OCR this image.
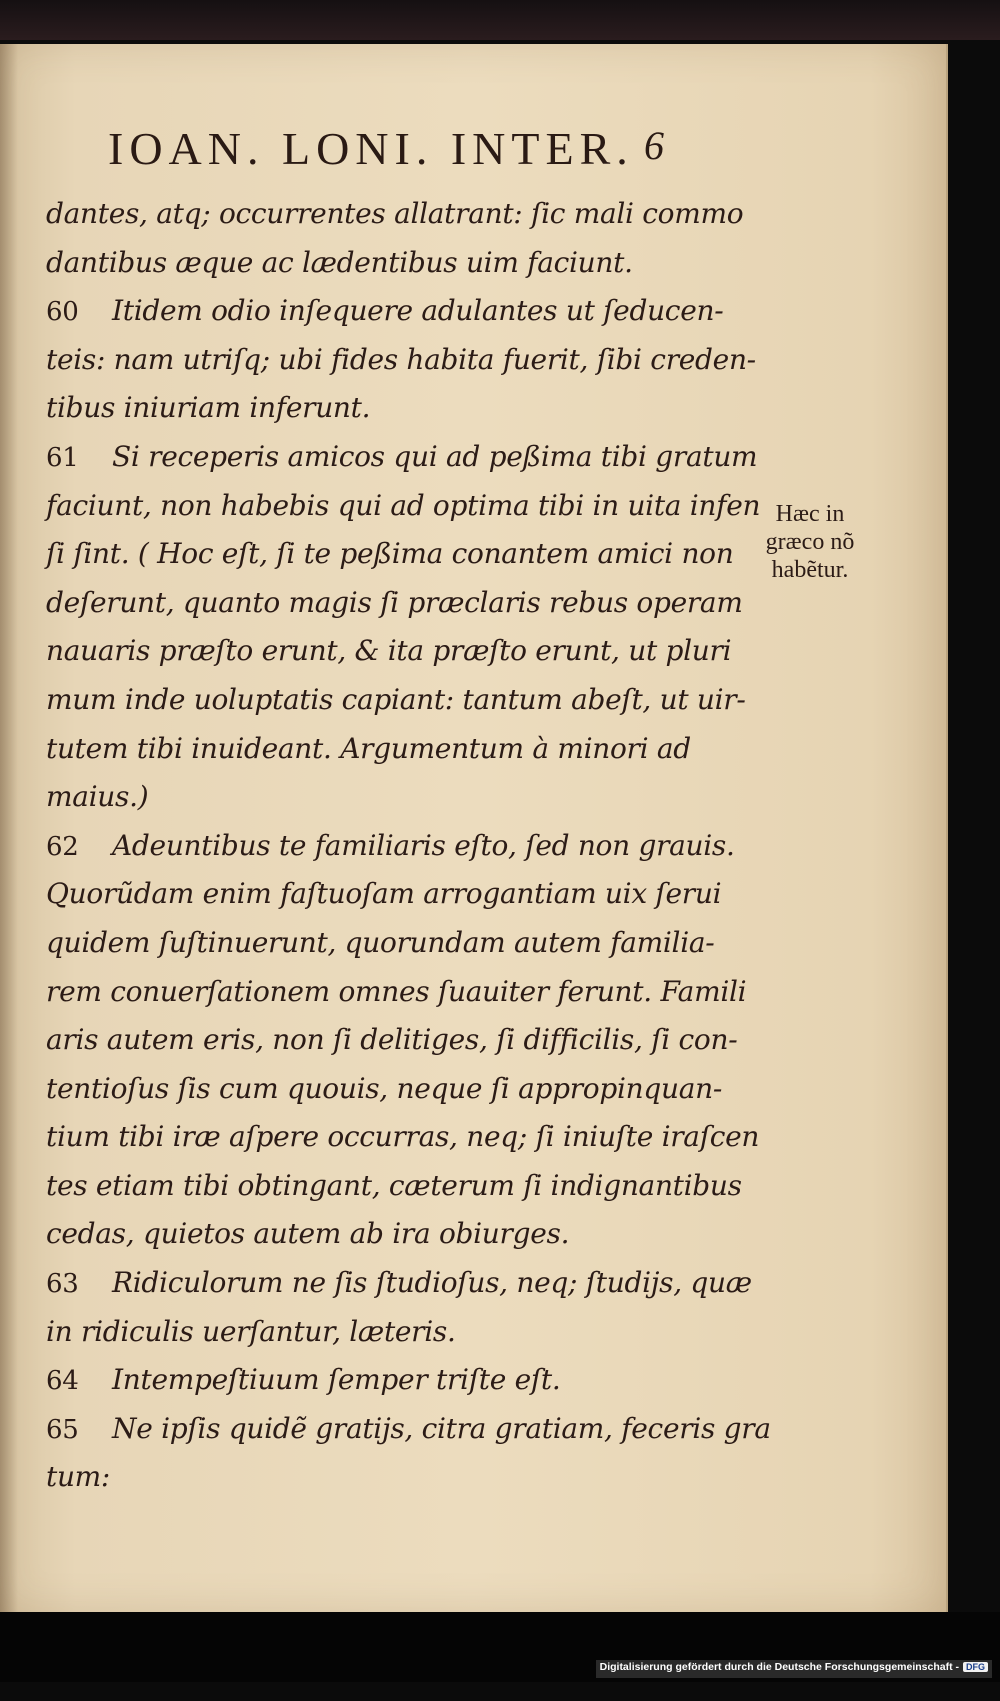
IOAN. LONI. INTER. 6
dantes, atq; occurrentes allatrant: ſic mali commo
dantibus æque ac lædentibus uim faciunt.
60 Itidem odio inſequere adulantes ut ſeducen-
teis: nam utriſq; ubi fides habita fuerit, ſibi creden-
tibus iniuriam inferunt.
61 Si receperis amicos qui ad peßima tibi gratum
faciunt, non habebis qui ad optima tibi in uita infen
ſi ſint. ( Hoc eſt, ſi te peßima conantem amici non
deſerunt, quanto magis ſi præclaris rebus operam
nauaris præſto erunt, & ita præſto erunt, ut pluri
mum inde uoluptatis capiant: tantum abeſt, ut uir-
tutem tibi inuideant. Argumentum à minori ad
maius.)
62 Adeuntibus te familiaris eſto, ſed non grauis.
Quorũdam enim faſtuoſam arrogantiam uix ſerui
quidem ſuſtinuerunt, quorundam autem familia-
rem conuerſationem omnes ſuauiter ferunt. Famili
aris autem eris, non ſi delitiges, ſi difficilis, ſi con-
tentioſus ſis cum quouis, neque ſi appropinquan-
tium tibi iræ aſpere occurras, neq; ſi iniuſte iraſcen
tes etiam tibi obtingant, cæterum ſi indignantibus
cedas, quietos autem ab ira obiurges.
63 Ridiculorum ne ſis ſtudioſus, neq; ſtudijs, quæ
in ridiculis uerſantur, læteris.
64 Intempeſtiuum ſemper triſte eſt.
65 Ne ipſis quidẽ gratijs, citra gratiam, feceris gra
tum:
Hæc in
græco nõ
habẽtur.
Digitalisierung gefördert durch die Deutsche Forschungsgemeinschaft - DFG
